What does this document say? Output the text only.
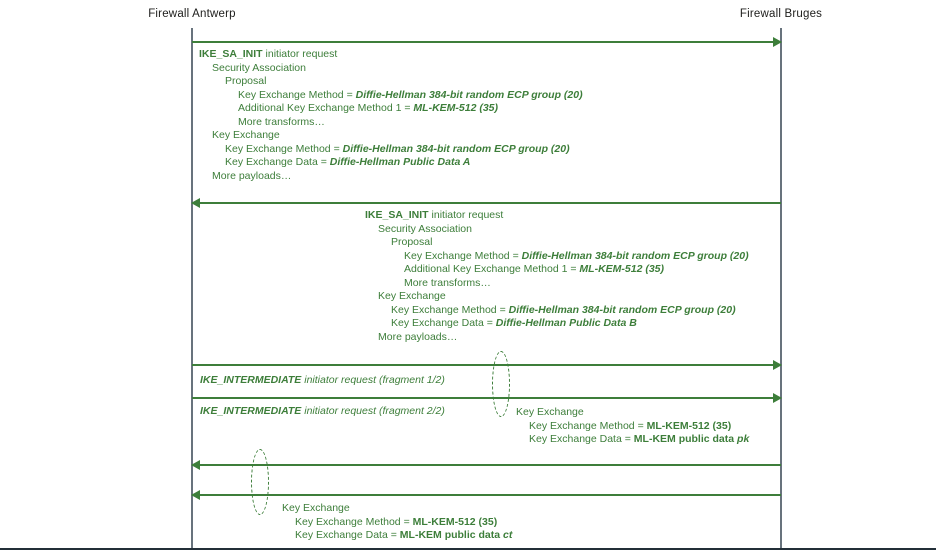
Firewall Antwerp	Firewall Bruges
IKE_SA_INIT initiator request
Security Association
Proposal
Key Exchange Method = Diffie-Hellman 384-bit random ECP group (20)
Additional Key Exchange Method 1 = ML-KEM-512 (35)
More transforms…
Key Exchange
Key Exchange Method = Diffie-Hellman 384-bit random ECP group (20)
Key Exchange Data = Diffie-Hellman Public Data A
More payloads…
IKE_SA_INIT initiator request
Security Association
Proposal
Key Exchange Method = Diffie-Hellman 384-bit random ECP group (20)
Additional Key Exchange Method 1 = ML-KEM-512 (35)
More transforms…
Key Exchange
Key Exchange Method = Diffie-Hellman 384-bit random ECP group (20)
Key Exchange Data = Diffie-Hellman Public Data B
More payloads…
IKE_INTERMEDIATE initiator request (fragment 1/2)
IKE_INTERMEDIATE initiator request (fragment 2/2)	Key Exchange
Key Exchange Method = ML-KEM-512 (35)
Key Exchange Data = ML-KEM public data pk
Key Exchange
Key Exchange Method = ML-KEM-512 (35)
Key Exchange Data = ML-KEM public data ct
